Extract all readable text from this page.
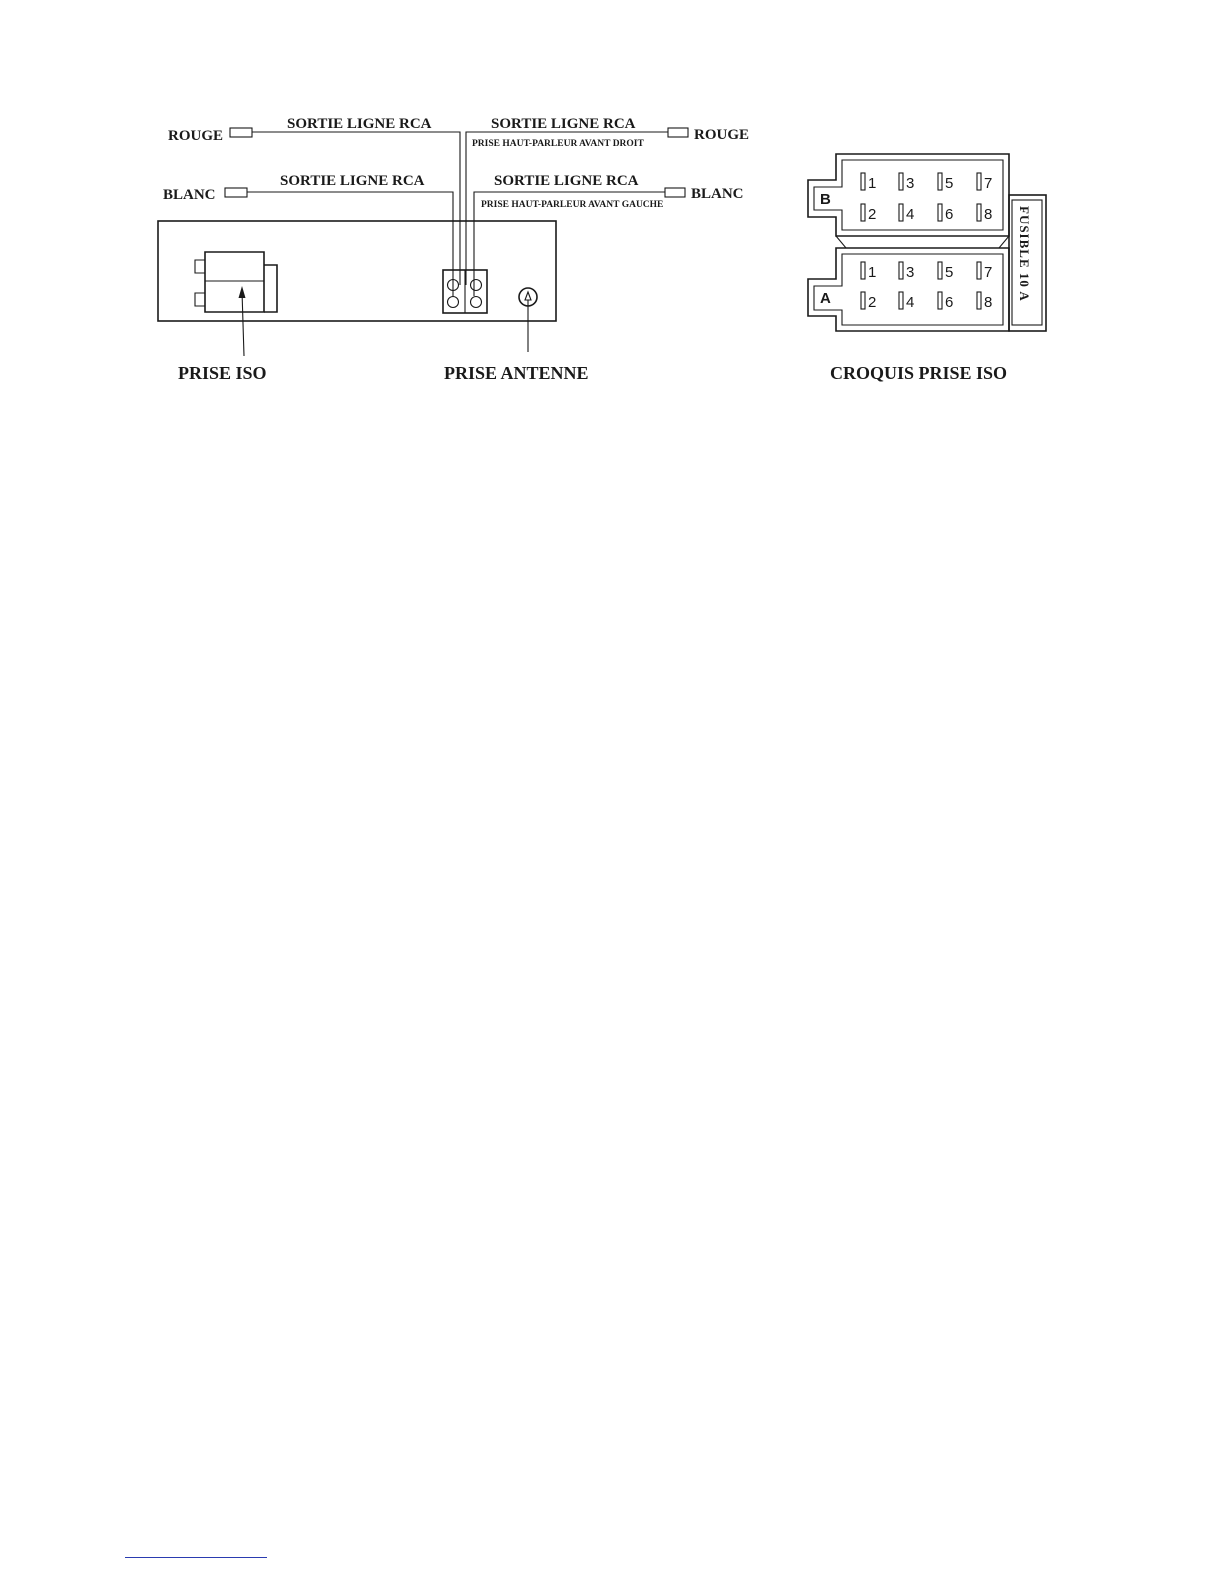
ROUGE
SORTIE LIGNE RCA
BLANC
SORTIE LIGNE RCA
SORTIE LIGNE RCA
PRISE HAUT-PARLEUR AVANT DROIT
ROUGE
SORTIE LIGNE RCA
PRISE HAUT-PARLEUR AVANT GAUCHE
BLANC
PRISE ISO	PRISE ANTENNE
FUSIBLE 10 A
B
A
1
2
3
4
5
6
7
8
1
2
3
4
5
6
7
8
CROQUIS PRISE ISO
